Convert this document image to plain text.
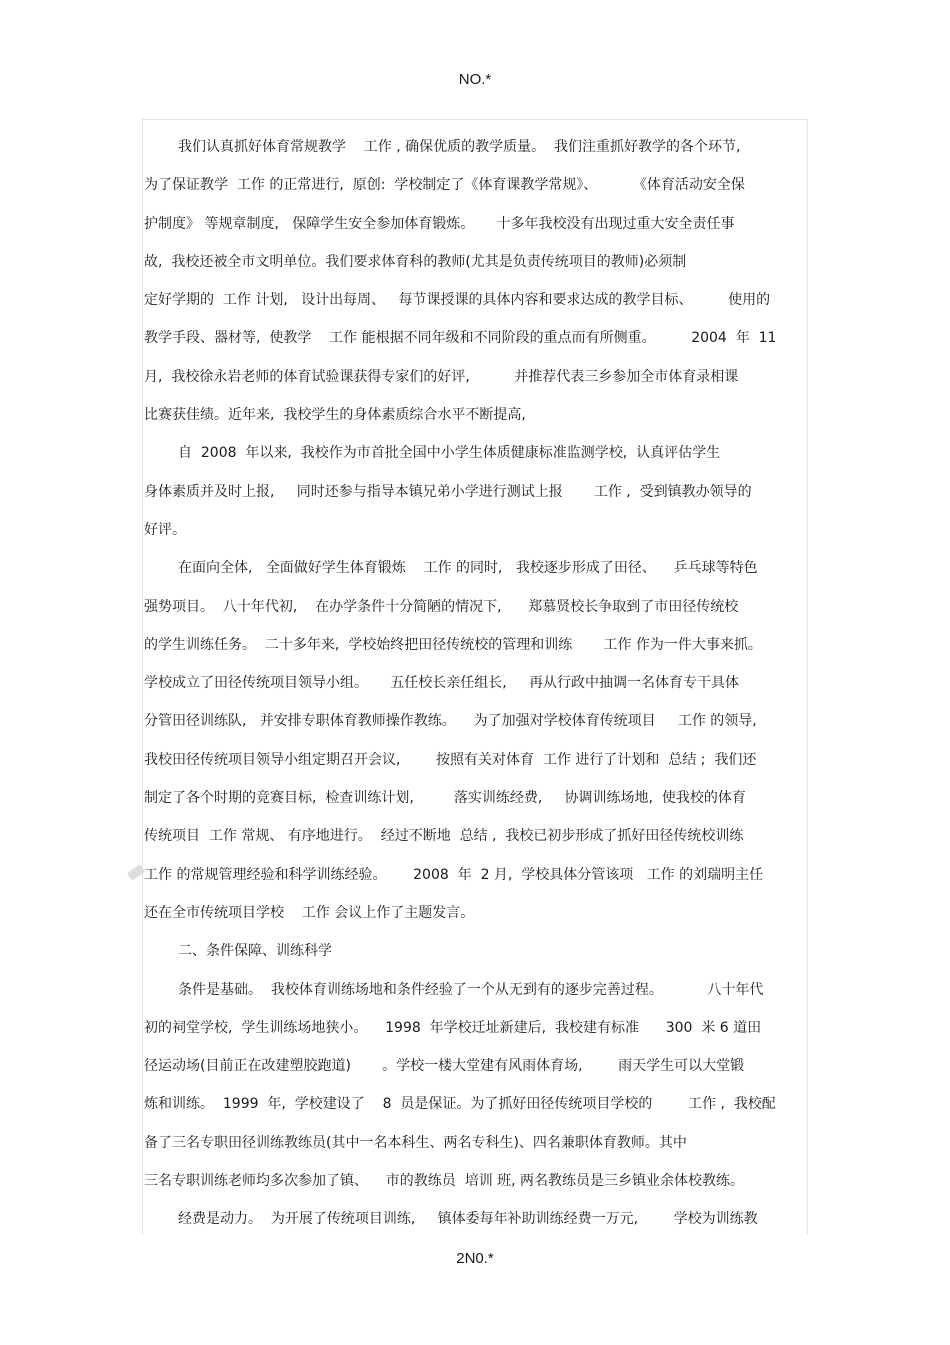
NO.*
我们认真抓好体育常规教学    工作 , 确保优质的教学质量。  我们注重抓好教学的各个环节,
为了保证教学  工作 的正常进行,  原创:  学校制定了《体育课教学常规》、        《体育活动安全保
护制度》 等规章制度,   保障学生安全参加体育锻炼。     十多年我校没有出现过重大安全责任事
故,  我校还被全市文明单位。我们要求体育科的教师(尤其是负责传统项目的教师)必须制
定好学期的  工作 计划,   设计出每周、   每节课授课的具体内容和要求达成的教学目标、        使用的
教学手段、器材等,  使教学    工作 能根据不同年级和不同阶段的重点而有所侧重。        2004  年  11
月,  我校徐永岩老师的体育试验课获得专家们的好评,          并推荐代表三乡参加全市体育录相课
比赛获佳绩。近年来,  我校学生的身体素质综合水平不断提高,
自  2008  年以来,  我校作为市首批全国中小学生体质健康标准监测学校,  认真评估学生
身体素质并及时上报,     同时还参与指导本镇兄弟小学进行测试上报       工作 ,  受到镇教办领导的
好评。
在面向全体,   全面做好学生体育锻炼    工作 的同时,   我校逐步形成了田径、    乒乓球等特色
强势项目。  八十年代初,    在办学条件十分简陋的情况下,      郑慕贤校长争取到了市田径传统校
的学生训练任务。  二十多年来,  学校始终把田径传统校的管理和训练       工作 作为一件大事来抓。
学校成立了田径传统项目领导小组。     五任校长亲任组长,     再从行政中抽调一名体育专干具体
分管田径训练队,   并安排专职体育教师操作教练。    为了加强对学校体育传统项目     工作 的领导,
我校田径传统项目领导小组定期召开会议,        按照有关对体育  工作 进行了计划和  总结 ;  我们还
制定了各个时期的竞赛目标,  检查训练计划,         落实训练经费,     协调训练场地,  使我校的体育
传统项目  工作 常规、 有序地进行。  经过不断地  总结 ,  我校已初步形成了抓好田径传统校训练
工作 的常规管理经验和科学训练经验。      2008  年  2 月,  学校具体分管该项   工作 的刘瑞明主任
还在全市传统项目学校    工作 会议上作了主题发言。
二、条件保障、训练科学
条件是基础。  我校体育训练场地和条件经验了一个从无到有的逐步完善过程。          八十年代
初的祠堂学校,  学生训练场地狭小。    1998  年学校迁址新建后,  我校建有标准      300  米 6 道田
径运动场(目前正在改建塑胶跑道)       。学校一楼大堂建有风雨体育场,        雨天学生可以大堂锻
炼和训练。  1999  年,  学校建设了    8  员是保证。为了抓好田径传统项目学校的        工作 ,  我校配
备了三名专职田径训练教练员(其中一名本科生、两名专科生)、四名兼职体育教师。其中
三名专职训练老师均多次参加了镇、    市的教练员  培训 班, 两名教练员是三乡镇业余体校教练。
经费是动力。  为开展了传统项目训练,     镇体委每年补助训练经费一万元,        学校为训练教
2N0.*
